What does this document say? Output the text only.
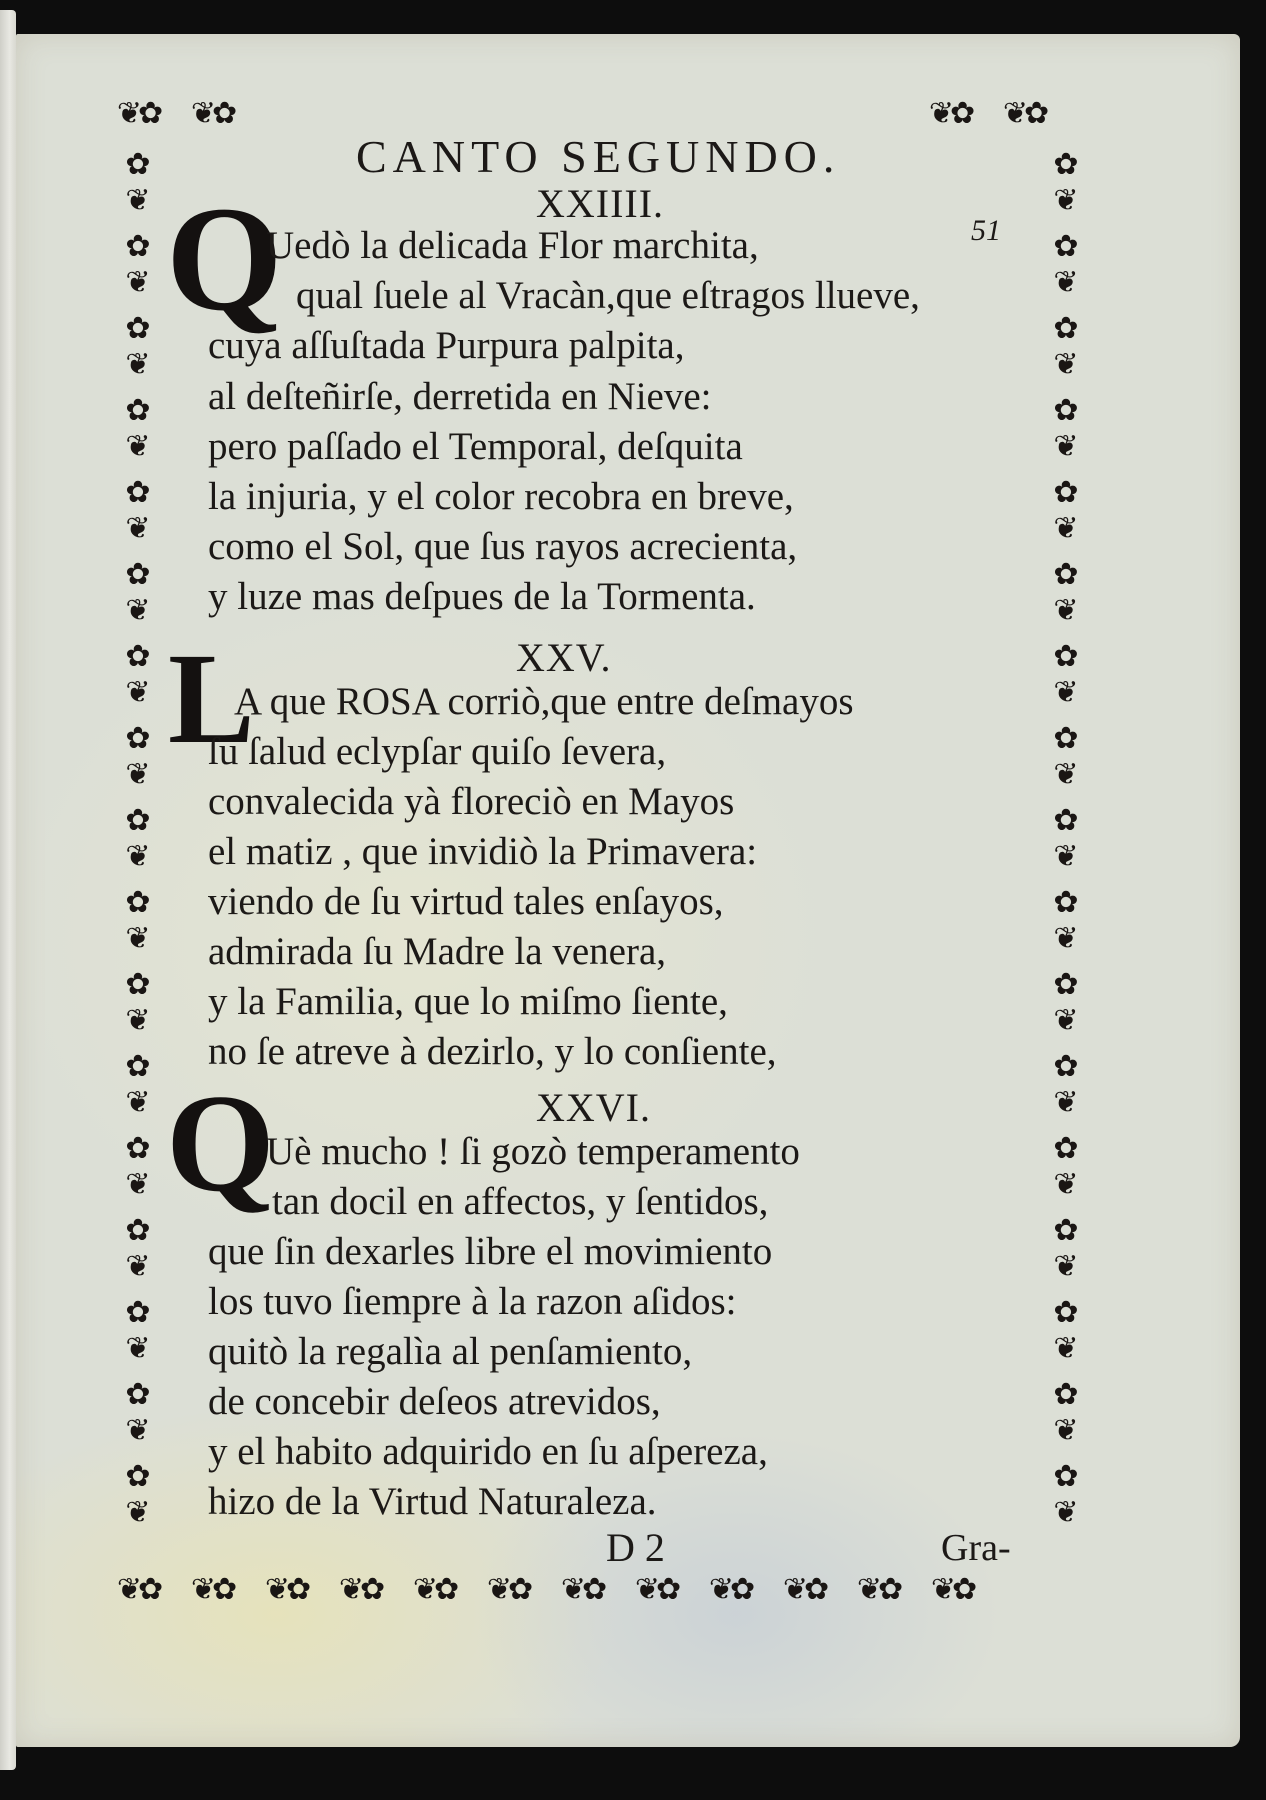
❦✿	❦✿	❦✿	❦✿
✿
❦
✿
❦
✿
❦
✿
❦
✿
❦
✿
❦
✿
❦
✿
❦
✿
❦
✿
❦
✿
❦
✿
❦
✿
❦
✿
❦
✿
❦
✿
❦
✿
❦
✿
❦
✿
❦
✿
❦
✿
❦
✿
❦
✿
❦
✿
❦
✿
❦
✿
❦
✿
❦
✿
❦
✿
❦
✿
❦
✿
❦
✿
❦
✿
❦
✿
❦
❦✿	❦✿	❦✿	❦✿	❦✿	❦✿	❦✿	❦✿	❦✿	❦✿	❦✿	❦✿
CANTO SEGUNDO.
51
XXIIII.
Q
Uedò la delicada Flor marchita,
qual ſuele al Vracàn,que eſtragos llueve,
cuya aſſuſtada Purpura palpita,
al deſteñirſe, derretida en Nieve:
pero paſſado el Temporal, deſquita
la injuria, y el color recobra en breve,
como el Sol, que ſus rayos acrecienta,
y luze mas deſpues de la Tormenta.
XXV.
L
A que ROSA corriò,que entre deſmayos
ſu ſalud eclypſar quiſo ſevera,
convalecida yà floreciò en Mayos
el matiz , que invidiò la Primavera:
viendo de ſu virtud tales enſayos,
admirada ſu Madre la venera,
y la Familia, que lo miſmo ſiente,
no ſe atreve à dezirlo, y lo conſiente,
XXVI.
Q
Uè mucho ! ſi gozò temperamento
tan docil en affectos, y ſentidos,
que ſin dexarles libre el movimiento
los tuvo ſiempre à la razon aſidos:
quitò la regalìa al penſamiento,
de concebir deſeos atrevidos,
y el habito adquirido en ſu aſpereza,
hizo de la Virtud Naturaleza.
D 2	Gra-
